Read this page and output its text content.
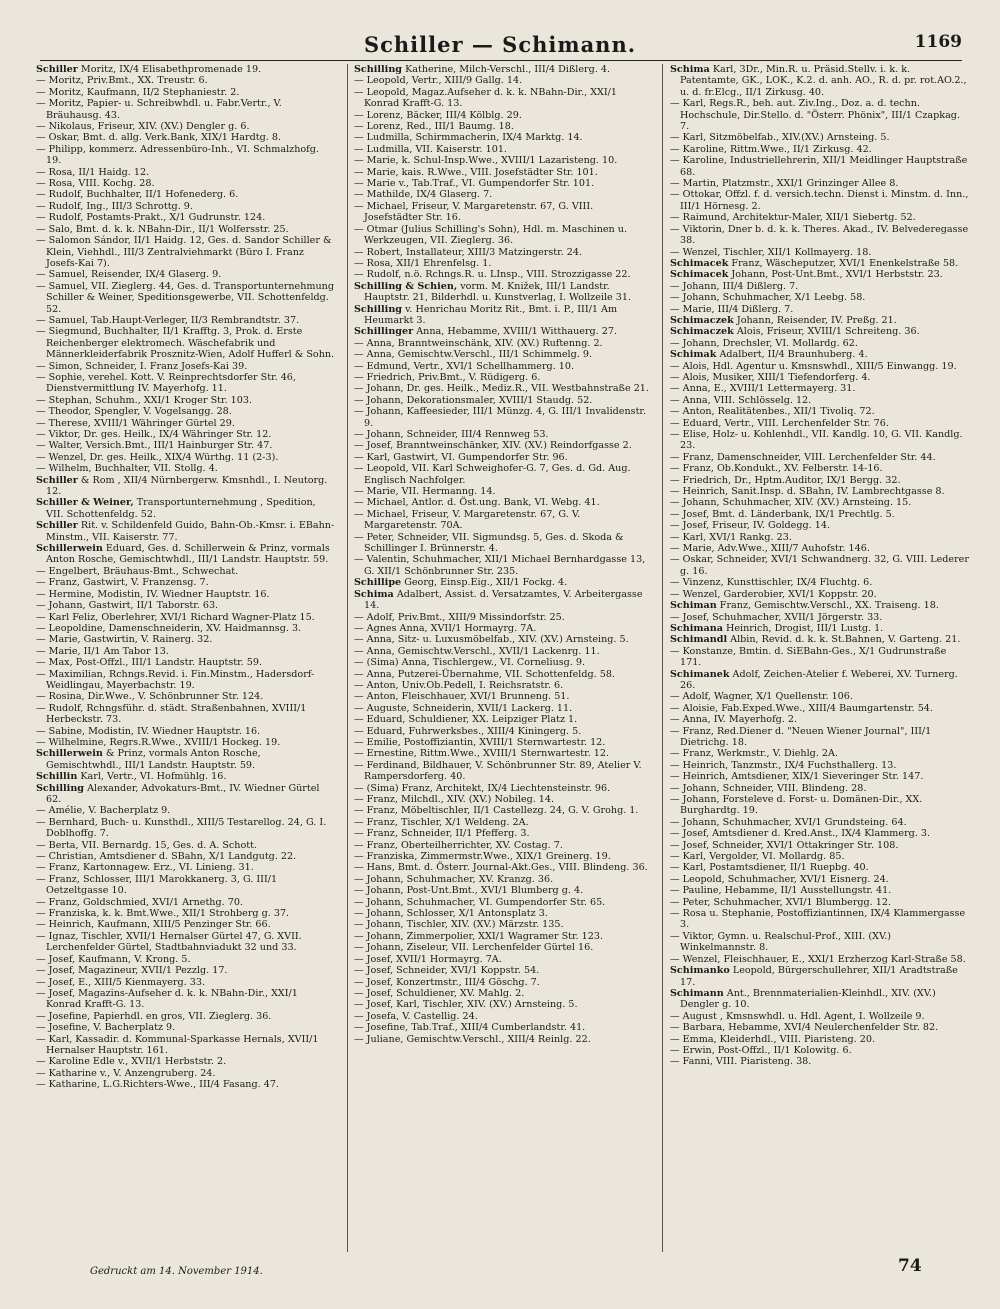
Schiller — Schimann.	1169
Schiller Moritz, IX/4 Elisabethpromenade 19.
— Moritz, Priv.Bmt., XX. Treustr. 6.
— Moritz, Kaufmann, II/2 Stephaniestr. 2.
— Moritz, Papier- u. Schreibwhdl. u. Fabr.Vertr., V. Bräuhausg. 43.
— Nikolaus, Friseur, XIV. (XV.) Dengler g. 6.
— Oskar, Bmt. d. allg. Verk.Bank, XIX/1 Hardtg. 8.
— Philipp, kommerz. Adressenbüro-Inh., VI. Schmalzhofg. 19.
— Rosa, II/1 Haidg. 12.
— Rosa, VIII. Kochg. 28.
— Rudolf, Buchhalter, II/1 Hofenederg. 6.
— Rudolf, Ing., III/3 Schrottg. 9.
— Rudolf, Postamts-Prakt., X/1 Gudrunstr. 124.
— Salo, Bmt. d. k. k. NBahn-Dir., II/1 Wolfersstr. 25.
— Salomon Sándor, II/1 Haidg. 12, Ges. d. Sandor Schiller & Klein, Viehhdl., III/3 Zentralviehmarkt (Büro I. Franz Josefs-Kai 7).
— Samuel, Reisender, IX/4 Glaserg. 9.
— Samuel, VII. Zieglerg. 44, Ges. d. Transportunternehmung Schiller & Weiner, Speditionsgewerbe, VII. Schottenfeldg. 52.
— Samuel, Tab.Haupt-Verleger, II/3 Rembrandtstr. 37.
— Siegmund, Buchhalter, II/1 Krafftg. 3, Prok. d. Erste Reichenberger elektromech. Wäschefabrik und Männerkleiderfabrik Prosznitz-Wien, Adolf Hufferl & Sohn.
— Simon, Schneider, I. Franz Josefs-Kai 39.
— Sophie, verehel. Kott. V. Reinprechtsdorfer Str. 46, Dienstvermittlung IV. Mayerhofg. 11.
— Stephan, Schuhm., XXI/1 Kroger Str. 103.
— Theodor, Spengler, V. Vogelsangg. 28.
— Therese, XVIII/1 Währinger Gürtel 29.
— Viktor, Dr. ges. Heilk., IX/4 Währinger Str. 12.
— Walter, Versich.Bmt., III/1 Hainburger Str. 47.
— Wenzel, Dr. ges. Heilk., XIX/4 Würthg. 11 (2-3).
— Wilhelm, Buchhalter, VII. Stollg. 4.
Schiller & Rom , XII/4 Nürnbergerw. Kmsnhdl., I. Neutorg. 12.
Schiller & Weiner, Transportunternehmung , Spedition, VII. Schottenfeldg. 52.
Schiller Rit. v. Schildenfeld Guido, Bahn-Ob.-Kmsr. i. EBahn-Minstm., VII. Kaiserstr. 77.
Schillerwein Eduard, Ges. d. Schillerwein & Prinz, vormals Anton Rosche, Gemischtwhdl., III/1 Landstr. Hauptstr. 59.
— Engelbert, Bräuhaus-Bmt., Schwechat.
— Franz, Gastwirt, V. Franzensg. 7.
— Hermine, Modistin, IV. Wiedner Hauptstr. 16.
— Johann, Gastwirt, II/1 Taborstr. 63.
— Karl Feliz, Oberlehrer, XVI/1 Richard Wagner-Platz 15.
— Leopoldine, Damenschneiderin, XV. Haidmannsg. 3.
— Marie, Gastwirtin, V. Rainerg. 32.
— Marie, II/1 Am Tabor 13.
— Max, Post-Offzl., III/1 Landstr. Hauptstr. 59.
— Maximilian, Rchngs.Revid. i. Fin.Minstm., Hadersdorf-Weidlingau, Mayerbachstr. 19.
— Rosina, Dir.Wwe., V. Schönbrunner Str. 124.
— Rudolf, Rchngsführ. d. städt. Straßenbahnen, XVIII/1 Herbeckstr. 73.
— Sabine, Modistin, IV. Wiedner Hauptstr. 16.
— Wilhelmine, Regrs.R.Wwe., XVIII/1 Hockeg. 19.
Schillerwein & Prinz, vormals Anton Rosche, Gemischtwhdl., III/1 Landstr. Hauptstr. 59.
Schillin Karl, Vertr., VI. Hofmühlg. 16.
Schilling Alexander, Advokaturs-Bmt., IV. Wiedner Gürtel 62.
— Amélie, V. Bacherplatz 9.
— Bernhard, Buch- u. Kunsthdl., XIII/5 Testarellog. 24, G. I. Doblhoffg. 7.
— Berta, VII. Bernardg. 15, Ges. d. A. Schott.
— Christian, Amtsdiener d. SBahn, X/1 Landgutg. 22.
— Franz, Kartonnagew. Erz., VI. Linieng. 31.
— Franz, Schlosser, III/1 Marokkanerg. 3, G. III/1 Oetzeltgasse 10.
— Franz, Goldschmied, XVI/1 Arnethg. 70.
— Franziska, k. k. Bmt.Wwe., XII/1 Strohberg g. 37.
— Heinrich, Kaufmann, XIII/5 Penzinger Str. 66.
— Ignaz, Tischler, XVII/1 Hernalser Gürtel 47, G. XVII. Lerchenfelder Gürtel, Stadtbahnviadukt 32 und 33.
— Josef, Kaufmann, V. Krong. 5.
— Josef, Magazineur, XVII/1 Pezzlg. 17.
— Josef, E., XIII/5 Kienmayerg. 33.
— Josef, Magazins-Aufseher d. k. k. NBahn-Dir., XXI/1 Konrad Krafft-G. 13.
— Josefine, Papierhdl. en gros, VII. Zieglerg. 36.
— Josefine, V. Bacherplatz 9.
— Karl, Kassadir. d. Kommunal-Sparkasse Hernals, XVII/1 Hernalser Hauptstr. 161.
— Karoline Edle v., XVII/1 Herbststr. 2.
— Katharine v., V. Anzengruberg. 24.
— Katharine, L.G.Richters-Wwe., III/4 Fasang. 47.
Schilling Katherine, Milch-Verschl., III/4 Dißlerg. 4.
— Leopold, Vertr., XIII/9 Gallg. 14.
— Leopold, Magaz.Aufseher d. k. k. NBahn-Dir., XXI/1 Konrad Krafft-G. 13.
— Lorenz, Bäcker, III/4 Kölblg. 29.
— Lorenz, Red., III/1 Baumg. 18.
— Ludmilla, Schirmmacherin, IX/4 Marktg. 14.
— Ludmilla, VII. Kaiserstr. 101.
— Marie, k. Schul-Insp.Wwe., XVIII/1 Lazaristeng. 10.
— Marie, kais. R.Wwe., VIII. Josefstädter Str. 101.
— Marie v., Tab.Traf., VI. Gumpendorfer Str. 101.
— Mathilde, IX/4 Glaserg. 7.
— Michael, Friseur, V. Margaretenstr. 67, G. VIII. Josefstädter Str. 16.
— Otmar (Julius Schilling's Sohn), Hdl. m. Maschinen u. Werkzeugen, VII. Zieglerg. 36.
— Robert, Installateur, XIII/3 Matzingerstr. 24.
— Rosa, XII/1 Ehrenfelsg. 1.
— Rudolf, n.ö. Rchngs.R. u. LInsp., VIII. Strozzigasse 22.
Schilling & Schien, vorm. M. Knižek, III/1 Landstr. Hauptstr. 21, Bilderhdl. u. Kunstverlag, I. Wollzeile 31.
Schilling v. Henrichau Moritz Rit., Bmt. i. P., III/1 Am Heumarkt 3.
Schillinger Anna, Hebamme, XVIII/1 Witthauerg. 27.
— Anna, Branntweinschänk, XIV. (XV.) Ruftenng. 2.
— Anna, Gemischtw.Verschl., III/1 Schimmelg. 9.
— Edmund, Vertr., XVI/1 Schellhammerg. 10.
— Friedrich, Priv.Bmt., V. Rüdigerg. 6.
— Johann, Dr. ges. Heilk., Mediz.R., VII. Westbahnstraße 21.
— Johann, Dekorationsmaler, XVIII/1 Staudg. 52.
— Johann, Kaffeesieder, III/1 Münzg. 4, G. III/1 Invalidenstr. 9.
— Johann, Schneider, III/4 Rennweg 53.
— Josef, Branntweinschänker, XIV. (XV.) Reindorfgasse 2.
— Karl, Gastwirt, VI. Gumpendorfer Str. 96.
— Leopold, VII. Karl Schweighofer-G. 7, Ges. d. Gd. Aug. Englisch Nachfolger.
— Marie, VII. Hermanng. 14.
— Michael, Antlor. d. Öst.ung. Bank, VI. Webg. 41.
— Michael, Friseur, V. Margaretenstr. 67, G. V. Margaretenstr. 70A.
— Peter, Schneider, VII. Sigmundsg. 5, Ges. d. Skoda & Schillinger I. Brünnerstr. 4.
— Valentin, Schuhmacher, XII/1 Michael Bernhardgasse 13, G. XII/1 Schönbrunner Str. 235.
Schillipe Georg, Einsp.Eig., XII/1 Fockg. 4.
Schima Adalbert, Assist. d. Versatzamtes, V. Arbeitergasse 14.
— Adolf, Priv.Bmt., XIII/9 Missindorfstr. 25.
— Agnes Anna, XVII/1 Hormayrg. 7A.
— Anna, Sitz- u. Luxusmöbelfab., XIV. (XV.) Arnsteing. 5.
— Anna, Gemischtw.Verschl., XVII/1 Lackenrg. 11.
— (Sima) Anna, Tischlergew., VI. Corneliusg. 9.
— Anna, Putzerei-Übernahme, VII. Schottenfeldg. 58.
— Anton, Univ.Ob.Pedell, I. Reichsratstr. 6.
— Anton, Fleischhauer, XVI/1 Brunneng. 51.
— Auguste, Schneiderin, XVII/1 Lackerg. 11.
— Eduard, Schuldiener, XX. Leipziger Platz 1.
— Eduard, Fuhrwerksbes., XIII/4 Kiningerg. 5.
— Emilie, Postoffiziantin, XVIII/1 Sternwartestr. 12.
— Ernestine, Rittm.Wwe., XVIII/1 Sternwartestr. 12.
— Ferdinand, Bildhauer, V. Schönbrunner Str. 89, Atelier V. Rampersdorferg. 40.
— (Sima) Franz, Architekt, IX/4 Liechtensteinstr. 96.
— Franz, Milchdl., XIV. (XV.) Nobileg. 14.
— Franz, Möbeltischler, II/1 Castellezg. 24, G. V. Grohg. 1.
— Franz, Tischler, X/1 Weldeng. 2A.
— Franz, Schneider, II/1 Pfefferg. 3.
— Franz, Oberteilherrichter, XV. Costag. 7.
— Franziska, Zimmermstr.Wwe., XIX/1 Greinerg. 19.
— Hans, Bmt. d. Österr. Journal-Akt.Ges., VIII. Blindeng. 36.
— Johann, Schuhmacher, XV. Kranzg. 36.
— Johann, Post-Unt.Bmt., XVI/1 Blumberg g. 4.
— Johann, Schuhmacher, VI. Gumpendorfer Str. 65.
— Johann, Schlosser, X/1 Antonsplatz 3.
— Johann, Tischler, XIV. (XV.) Märzstr. 135.
— Johann, Zimmerpolier, XXI/1 Wagramer Str. 123.
— Johann, Ziseleur, VII. Lerchenfelder Gürtel 16.
— Josef, XVII/1 Hormayrg. 7A.
— Josef, Schneider, XVI/1 Koppstr. 54.
— Josef, Konzertmstr., III/4 Göschg. 7.
— Josef, Schuldiener, XV. Mahlg. 2.
— Josef, Karl, Tischler, XIV. (XV.) Arnsteing. 5.
— Josefa, V. Castellig. 24.
— Josefine, Tab.Traf., XIII/4 Cumberlandstr. 41.
— Juliane, Gemischtw.Verschl., XIII/4 Reinlg. 22.
Schima Karl, 3Dr., Min.R. u. Präsid.Stellv. i. k. k. Patentamte, GK., LOK., K.2. d. anh. AO., R. d. pr. rot.AO.2., u. d. fr.Elcg., II/1 Zirkusg. 40.
— Karl, Regs.R., beh. aut. Ziv.Ing., Doz. a. d. techn. Hochschule, Dir.Stello. d. "Österr. Phönix", III/1 Czapkag. 7.
— Karl, Sitzmöbelfab., XIV.(XV.) Arnsteing. 5.
— Karoline, Rittm.Wwe., II/1 Zirkusg. 42.
— Karoline, Industriellehrerin, XII/1 Meidlinger Hauptstraße 68.
— Martin, Platzmstr., XXI/1 Grinzinger Allee 8.
— Ottokar, Offzl. f. d. versich.techn. Dienst i. Minstm. d. Inn., III/1 Hörnesg. 2.
— Raimund, Architektur-Maler, XII/1 Siebertg. 52.
— Viktorin, Dner b. d. k. k. Theres. Akad., IV. Belvederegasse 38.
— Wenzel, Tischler, XII/1 Kollmayerg. 18.
Schimacek Franz, Wäscheputzer, XVI/1 Enenkelstraße 58.
Schimacek Johann, Post-Unt.Bmt., XVI/1 Herbststr. 23.
— Johann, III/4 Dißlerg. 7.
— Johann, Schuhmacher, X/1 Leebg. 58.
— Marie, III/4 Dißlerg. 7.
Schimaczek Johann, Reisender, IV. Preßg. 21.
Schimaczek Alois, Friseur, XVIII/1 Schreiteng. 36.
— Johann, Drechsler, VI. Mollardg. 62.
Schimak Adalbert, II/4 Braunhuberg. 4.
— Alois, Hdl. Agentur u. Kmsnswhdl., XIII/5 Einwangg. 19.
— Alois, Musiker, XIII/1 Tiefendorferg. 4.
— Anna, E., XVIII/1 Lettermayerg. 31.
— Anna, VIII. Schlösselg. 12.
— Anton, Realitätenbes., XII/1 Tivoliq. 72.
— Eduard, Vertr., VIII. Lerchenfelder Str. 76.
— Elise, Holz- u. Kohlenhdl., VII. Kandlg. 10, G. VII. Kandlg. 23.
— Franz, Damenschneider, VIII. Lerchenfelder Str. 44.
— Franz, Ob.Kondukt., XV. Felberstr. 14-16.
— Friedrich, Dr., Hptm.Auditor, IX/1 Bergg. 32.
— Heinrich, Sanit.Insp. d. SBahn, IV. Lambrechtgasse 8.
— Johann, Schuhmacher, XIV. (XV.) Arnsteing. 15.
— Josef, Bmt. d. Länderbank, IX/1 Prechtlg. 5.
— Josef, Friseur, IV. Goldegg. 14.
— Karl, XVI/1 Rankg. 23.
— Marie, Adv.Wwe., XIII/7 Auhofstr. 146.
— Oskar, Schneider, XVI/1 Schwandnerg. 32, G. VIII. Lederer g. 16.
— Vinzenz, Kunsttischler, IX/4 Fluchtg. 6.
— Wenzel, Garderobier, XVI/1 Koppstr. 20.
Schiman Franz, Gemischtw.Verschl., XX. Traiseng. 18.
— Josef, Schuhmacher, XVII/1 Jörgerstr. 33.
Schimana Heinrich, Drogist, III/1 Lustg. 1.
Schimandl Albin, Revid. d. k. k. St.Bahnen, V. Garteng. 21.
— Konstanze, Bmtin. d. SiEBahn-Ges., X/1 Gudrunstraße 171.
Schimanek Adolf, Zeichen-Atelier f. Weberei, XV. Turnerg. 26.
— Adolf, Wagner, X/1 Quellenstr. 106.
— Aloisie, Fab.Exped.Wwe., XIII/4 Baumgartenstr. 54.
— Anna, IV. Mayerhofg. 2.
— Franz, Red.Diener d. "Neuen Wiener Journal", III/1 Dietrichg. 18.
— Franz, Werkmstr., V. Diehlg. 2A.
— Heinrich, Tanzmstr., IX/4 Fuchsthallerg. 13.
— Heinrich, Amtsdiener, XIX/1 Sieveringer Str. 147.
— Johann, Schneider, VIII. Blindeng. 28.
— Johann, Forsteleve d. Forst- u. Domänen-Dir., XX. Burghardtg. 19.
— Johann, Schuhmacher, XVI/1 Grundsteing. 64.
— Josef, Amtsdiener d. Kred.Anst., IX/4 Klammerg. 3.
— Josef, Schneider, XVI/1 Ottakringer Str. 108.
— Karl, Vergolder, VI. Mollardg. 85.
— Karl, Postamtsdiener, II/1 Ruepbg. 40.
— Leopold, Schuhmacher, XVI/1 Eisnerg. 24.
— Pauline, Hebamme, II/1 Ausstellungstr. 41.
— Peter, Schuhmacher, XVI/1 Blumbergg. 12.
— Rosa u. Stephanie, Postoffiziantinnen, IX/4 Klammergasse 3.
— Viktor, Gymn. u. Realschul-Prof., XIII. (XV.) Winkelmannstr. 8.
— Wenzel, Fleischhauer, E., XXI/1 Erzherzog Karl-Straße 58.
Schimanko Leopold, Bürgerschullehrer, XII/1 Aradtstraße 17.
Schimann Ant., Brennmaterialien-Kleinhdl., XIV. (XV.) Dengler g. 10.
— August , Kmsnswhdl. u. Hdl. Agent, I. Wollzeile 9.
— Barbara, Hebamme, XVI/4 Neulerchenfelder Str. 82.
— Emma, Kleiderhdl., VIII. Piaristeng. 20.
— Erwin, Post-Offzl., II/1 Kolowitg. 6.
— Fanni, VIII. Piaristeng. 38.
Gedruckt am 14. November 1914.	74
